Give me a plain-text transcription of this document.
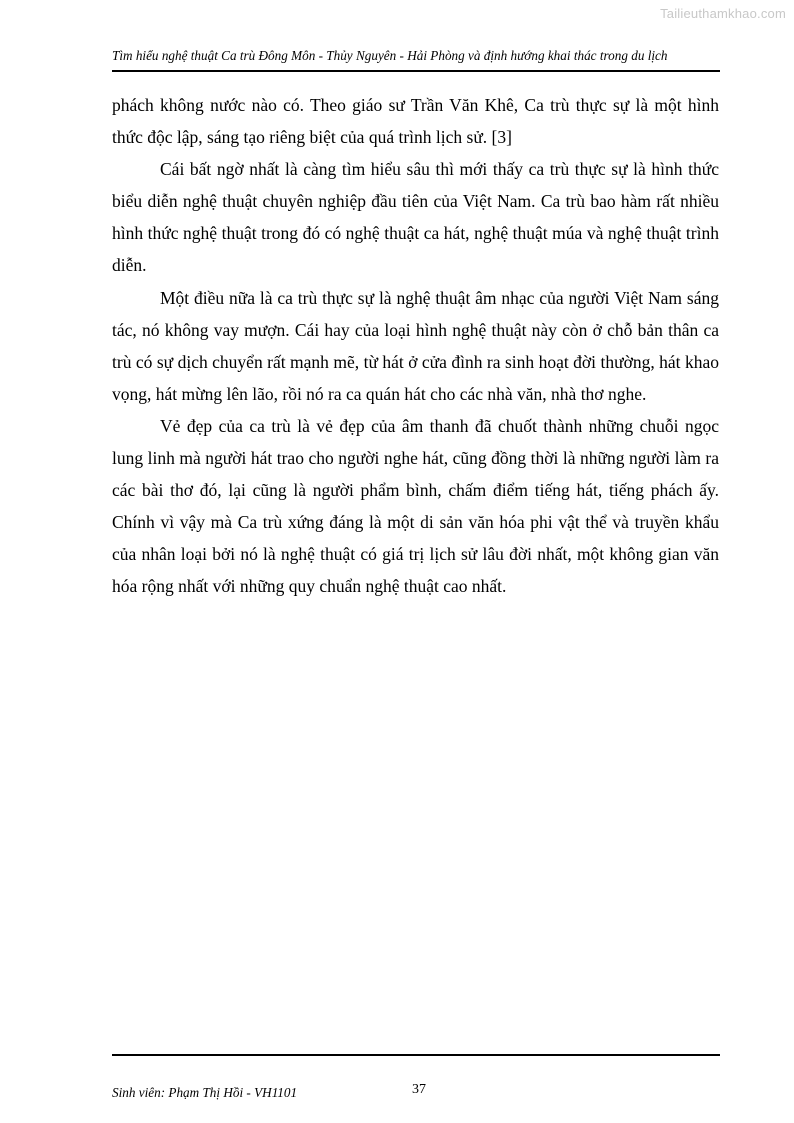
Tailieuthamkhao.com
Tìm hiểu nghệ thuật Ca trù Đông Môn - Thủy Nguyên - Hải Phòng và định hướng khai thác trong du lịch

phách không nước nào có. Theo giáo sư Trần Văn Khê, Ca trù thực sự là một hình thức độc lập, sáng tạo riêng biệt của quá trình lịch sử. [3]

Cái bất ngờ nhất là càng tìm hiểu sâu thì mới thấy ca trù thực sự là hình thức biểu diễn nghệ thuật chuyên nghiệp đầu tiên của Việt Nam. Ca trù bao hàm rất nhiều hình thức nghệ thuật trong đó có nghệ thuật ca hát, nghệ thuật múa và nghệ thuật trình diễn.

Một điều nữa là ca trù thực sự là nghệ thuật âm nhạc của người Việt Nam sáng tác, nó không vay mượn. Cái hay của loại hình nghệ thuật này còn ở chỗ bản thân ca trù có sự dịch chuyển rất mạnh mẽ, từ hát ở cửa đình ra sinh hoạt đời thường, hát khao vọng, hát mừng lên lão, rồi nó ra ca quán hát cho các nhà văn, nhà thơ nghe.

Vẻ đẹp của ca trù là vẻ đẹp của âm thanh đã chuốt thành những chuỗi ngọc lung linh mà người hát trao cho người nghe hát, cũng đồng thời là những người làm ra các bài thơ đó, lại cũng là người phẩm bình, chấm điểm tiếng hát, tiếng phách ấy. Chính vì vậy mà Ca trù xứng đáng là một di sản văn hóa phi vật thể và truyền khẩu của nhân loại bởi nó là nghệ thuật có giá trị lịch sử lâu đời nhất, một không gian văn hóa rộng nhất với những quy chuẩn nghệ thuật cao nhất.

Sinh viên: Phạm Thị Hồi - VH1101	37
